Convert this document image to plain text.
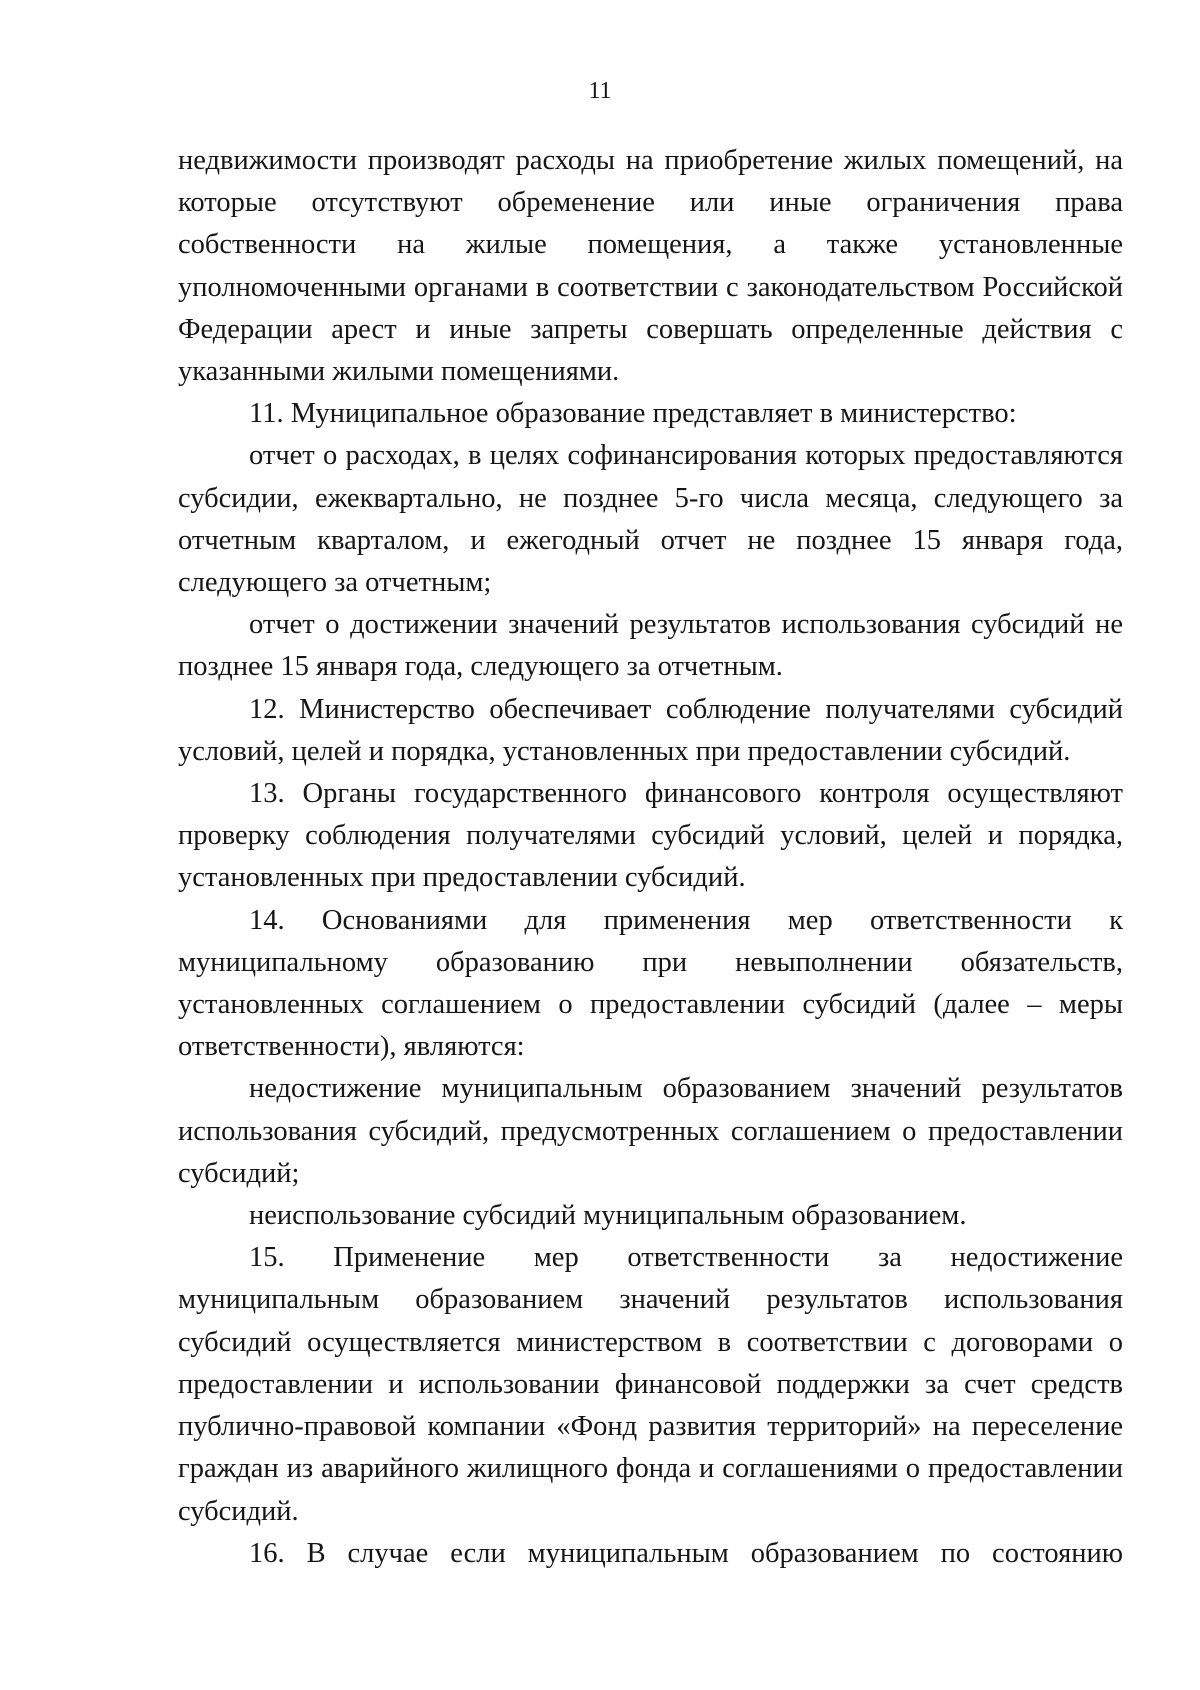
11

недвижимости производят расходы на приобретение жилых помещений, на которые отсутствуют обременение или иные ограничения права собственности на жилые помещения, а также установленные уполномоченными органами в соответствии с законодательством Российской Федерации арест и иные запреты совершать определенные действия с указанными жилыми помещениями.

11. Муниципальное образование представляет в министерство:

отчет о расходах, в целях софинансирования которых предоставляются субсидии, ежеквартально, не позднее 5-го числа месяца, следующего за отчетным кварталом, и ежегодный отчет не позднее 15 января года, следующего за отчетным;

отчет о достижении значений результатов использования субсидий не позднее 15 января года, следующего за отчетным.

12. Министерство обеспечивает соблюдение получателями субсидий условий, целей и порядка, установленных при предоставлении субсидий.

13. Органы государственного финансового контроля осуществляют проверку соблюдения получателями субсидий условий, целей и порядка, установленных при предоставлении субсидий.

14. Основаниями для применения мер ответственности к муниципальному образованию при невыполнении обязательств, установленных соглашением о предоставлении субсидий (далее – меры ответственности), являются:

недостижение муниципальным образованием значений результатов использования субсидий, предусмотренных соглашением о предоставлении субсидий;

неиспользование субсидий муниципальным образованием.

15. Применение мер ответственности за недостижение муниципальным образованием значений результатов использования субсидий осуществляется министерством в соответствии с договорами о предоставлении и использовании финансовой поддержки за счет средств публично-правовой компании «Фонд развития территорий» на переселение граждан из аварийного жилищного фонда и соглашениями о предоставлении субсидий.

16. В случае если муниципальным образованием по состоянию
